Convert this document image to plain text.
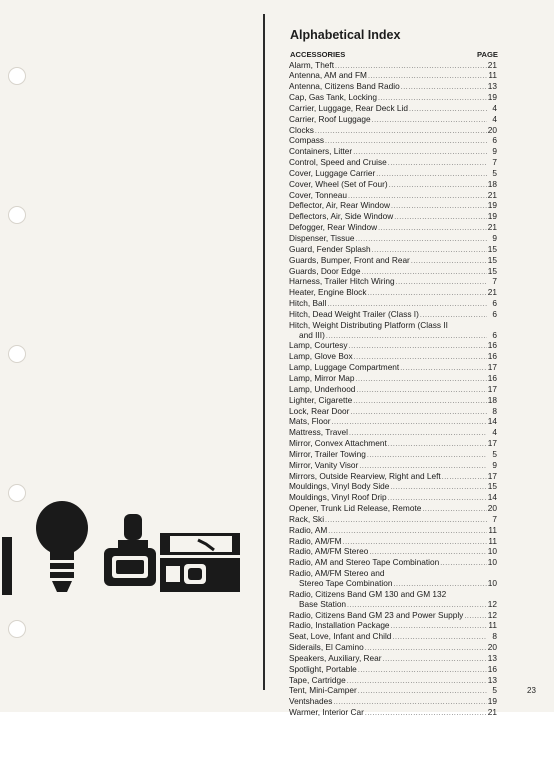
Alphabetical Index
ACCESSORIES	PAGE
Alarm, Theft .....	21
Antenna, AM and FM .....	11
Antenna, Citizens Band Radio .....	13
Cap, Gas Tank, Locking .....	19
Carrier, Luggage, Rear Deck Lid .....	4
Carrier, Roof Luggage .....	4
Clocks .....	20
Compass .....	6
Containers, Litter .....	9
Control, Speed and Cruise .....	7
Cover, Luggage Carrier .....	5
Cover, Wheel (Set of Four) .....	18
Cover, Tonneau .....	21
Deflector, Air, Rear Window .....	19
Deflectors, Air, Side Window .....	19
Defogger, Rear Window .....	21
Dispenser, Tissue .....	9
Guard, Fender Splash .....	15
Guards, Bumper, Front and Rear .....	15
Guards, Door Edge .....	15
Harness, Trailer Hitch Wiring .....	7
Heater, Engine Block .....	21
Hitch, Ball .....	6
Hitch, Dead Weight Trailer (Class I) .....	6
Hitch, Weight Distributing Platform (Class II
and III) .....	6
Lamp, Courtesy .....	16
Lamp, Glove Box .....	16
Lamp, Luggage Compartment .....	17
Lamp, Mirror Map .....	16
Lamp, Underhood .....	17
Lighter, Cigarette .....	18
Lock, Rear Door .....	8
Mats, Floor .....	14
Mattress, Travel .....	4
Mirror, Convex Attachment .....	17
Mirror, Trailer Towing .....	5
Mirror, Vanity Visor .....	9
Mirrors, Outside Rearview, Right and Left .....	17
Mouldings, Vinyl Body Side .....	15
Mouldings, Vinyl Roof Drip .....	14
Opener, Trunk Lid Release, Remote .....	20
Rack, Ski .....	7
Radio, AM .....	11
Radio, AM/FM .....	11
Radio, AM/FM Stereo .....	10
Radio, AM and Stereo Tape Combination .....	10
Radio, AM/FM Stereo and
Stereo Tape Combination .....	10
Radio, Citizens Band GM 130 and GM 132
Base Station .....	12
Radio, Citizens Band GM 23 and Power Supply .....	12
Radio, Installation Package .....	11
Seat, Love, Infant and Child .....	8
Siderails, El Camino .....	20
Speakers, Auxiliary, Rear .....	13
Spotlight, Portable .....	16
Tape, Cartridge .....	13
Tent, Mini-Camper .....	5
Ventshades .....	19
Warmer, Interior Car .....	21
23
